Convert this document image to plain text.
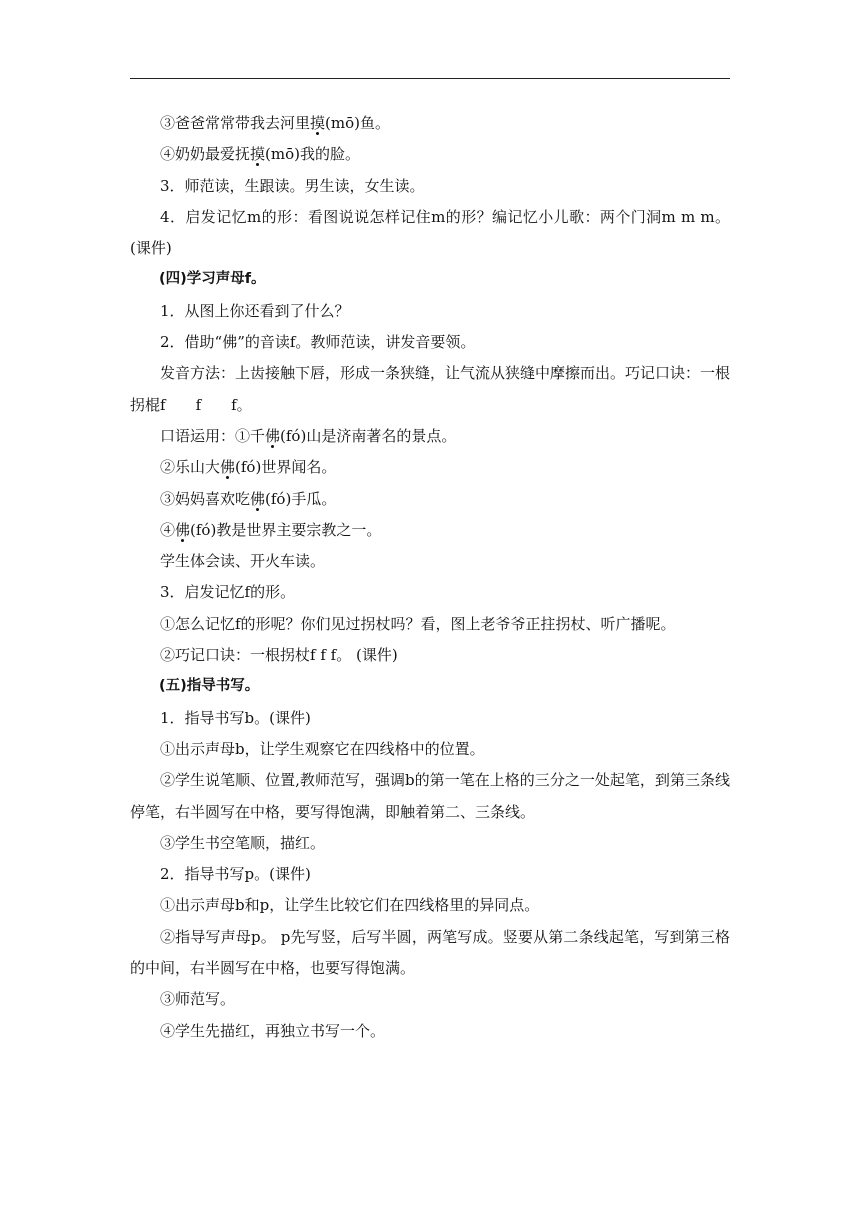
③爸爸常常带我去河里摸(mō)鱼。

④奶奶最爱抚摸(mō)我的脸。

3．师范读，生跟读。男生读，女生读。

4．启发记忆m的形：看图说说怎样记住m的形？编记忆小儿歌：两个门洞m m m。(课件)

(四)学习声母f。

1．从图上你还看到了什么？

2．借助“佛”的音读f。教师范读，讲发音要领。

发音方法：上齿接触下唇，形成一条狭缝，让气流从狭缝中摩擦而出。巧记口诀：一根拐棍f f f。

口语运用：①千佛(fó)山是济南著名的景点。

②乐山大佛(fó)世界闻名。

③妈妈喜欢吃佛(fó)手瓜。

④佛(fó)教是世界主要宗教之一。

学生体会读、开火车读。

3．启发记忆f的形。

①怎么记忆f的形呢？你们见过拐杖吗？看，图上老爷爷正拄拐杖、听广播呢。

②巧记口诀：一根拐杖f f f。 (课件)

(五)指导书写。

1．指导书写b。(课件)

①出示声母b，让学生观察它在四线格中的位置。

②学生说笔顺、位置,教师范写，强调b的第一笔在上格的三分之一处起笔，到第三条线停笔，右半圆写在中格，要写得饱满，即触着第二、三条线。

③学生书空笔顺，描红。

2．指导书写p。(课件)

①出示声母b和p，让学生比较它们在四线格里的异同点。

②指导写声母p。 p先写竖，后写半圆，两笔写成。竖要从第二条线起笔，写到第三格的中间，右半圆写在中格，也要写得饱满。

③师范写。

④学生先描红，再独立书写一个。
